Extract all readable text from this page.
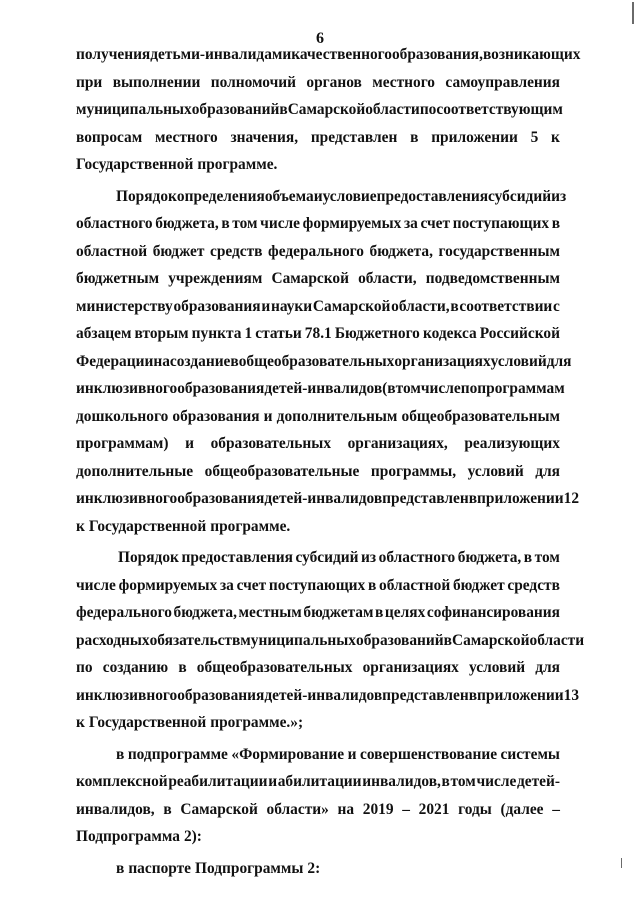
6
получения детьми-инвалидами качественного образования, возникающих
при выполнении полномочий органов местного самоуправления
муниципальных образований в Самарской области по соответствующим
вопросам местного значения, представлен в приложении 5 к
Государственной программе.
Порядок определения объема и условие предоставления субсидий из
областного бюджета, в том числе формируемых за счет поступающих в
областной бюджет средств федерального бюджета, государственным
бюджетным учреждениям Самарской области, подведомственным
министерству образования и науки Самарской области, в соответствии с
абзацем вторым пункта 1 статьи 78.1 Бюджетного кодекса Российской
Федерации на создание в общеобразовательных организациях условий для
инклюзивного образования детей-инвалидов (в том числе по программам
дошкольного образования и дополнительным общеобразовательным
программам) и образовательных организациях, реализующих
дополнительные общеобразовательные программы, условий для
инклюзивного образования детей-инвалидов представлен в приложении 12
к Государственной программе.
Порядок предоставления субсидий из областного бюджета, в том
числе формируемых за счет поступающих в областной бюджет средств
федерального бюджета, местным бюджетам в целях софинансирования
расходных обязательств муниципальных образований в Самарской области
по созданию в общеобразовательных организациях условий для
инклюзивного образования детей-инвалидов представлен в приложении 13
к Государственной программе.»;
в подпрограмме «Формирование и совершенствование системы
комплексной реабилитации и абилитации инвалидов, в том числе детей-
инвалидов, в Самарской области» на 2019 – 2021 годы (далее –
Подпрограмма 2):
в паспорте Подпрограммы 2:
